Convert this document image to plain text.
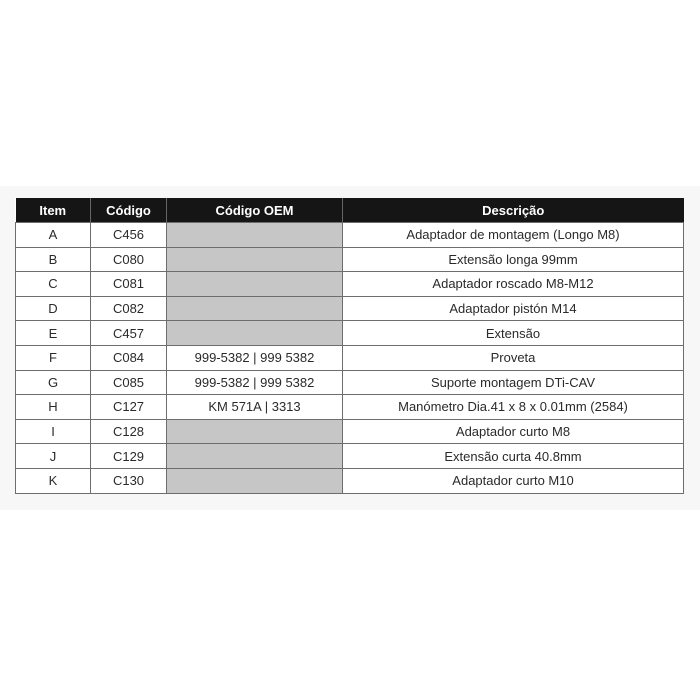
Item	Código	Código OEM	Descrição
A	C456		Adaptador de montagem (Longo M8)
B	C080		Extensão longa 99mm
C	C081		Adaptador roscado M8-M12
D	C082		Adaptador pistón M14
E	C457		Extensão
F	C084	999-5382 | 999 5382	Proveta
G	C085	999-5382 | 999 5382	Suporte montagem DTi-CAV
H	C127	KM 571A | 3313	Manómetro Dia.41 x 8 x 0.01mm (2584)
I	C128		Adaptador curto M8
J	C129		Extensão curta 40.8mm
K	C130		Adaptador curto M10
